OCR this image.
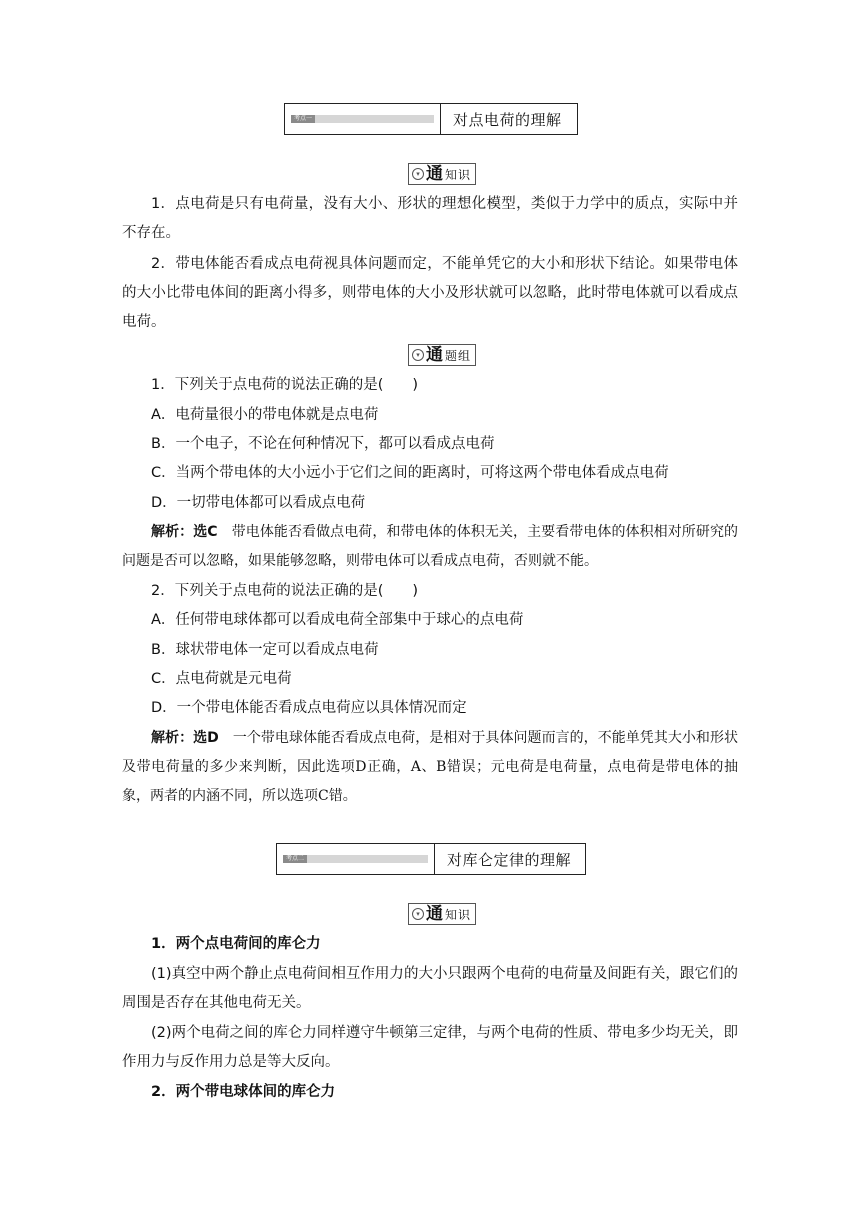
考点一	对点电荷的理解
▾ 通 知识

1．点电荷是只有电荷量，没有大小、形状的理想化模型，类似于力学中的质点，实际中并不存在。

2．带电体能否看成点电荷视具体问题而定，不能单凭它的大小和形状下结论。如果带电体的大小比带电体间的距离小得多，则带电体的大小及形状就可以忽略，此时带电体就可以看成点电荷。

▾ 通 题组

1．下列关于点电荷的说法正确的是(　　)

A．电荷量很小的带电体就是点电荷

B．一个电子，不论在何种情况下，都可以看成点电荷

C．当两个带电体的大小远小于它们之间的距离时，可将这两个带电体看成点电荷

D．一切带电体都可以看成点电荷

解析：选C　带电体能否看做点电荷，和带电体的体积无关，主要看带电体的体积相对所研究的问题是否可以忽略，如果能够忽略，则带电体可以看成点电荷，否则就不能。

2．下列关于点电荷的说法正确的是(　　)

A．任何带电球体都可以看成电荷全部集中于球心的点电荷

B．球状带电体一定可以看成点电荷

C．点电荷就是元电荷

D．一个带电体能否看成点电荷应以具体情况而定

解析：选D　一个带电球体能否看成点电荷，是相对于具体问题而言的，不能单凭其大小和形状及带电荷量的多少来判断，因此选项D正确，A、B错误；元电荷是电荷量，点电荷是带电体的抽象，两者的内涵不同，所以选项C错。

考点二	对库仑定律的理解
▾ 通 知识

1．两个点电荷间的库仑力

(1)真空中两个静止点电荷间相互作用力的大小只跟两个电荷的电荷量及间距有关，跟它们的周围是否存在其他电荷无关。

(2)两个电荷之间的库仑力同样遵守牛顿第三定律，与两个电荷的性质、带电多少均无关，即作用力与反作用力总是等大反向。

2．两个带电球体间的库仑力
